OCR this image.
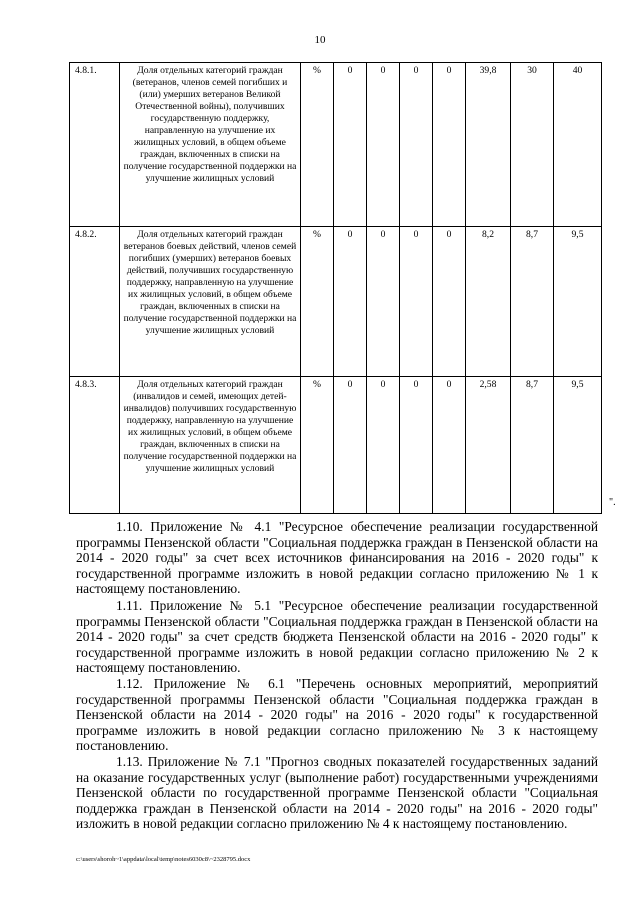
10
4.8.1.	Доля отдельных категорий граждан (ветеранов, членов семей погибших и (или) умерших ветеранов Великой Отечественной войны), получивших государственную поддержку, направленную на улучшение их жилищных условий, в общем объеме граждан, включенных в списки на получение государственной поддержки на улучшение жилищных условий	%	0	0	0	0	39,8	30	40
4.8.2.	Доля отдельных категорий граждан ветеранов боевых действий, членов семей погибших (умерших) ветеранов боевых действий, получивших государственную поддержку, направленную на улучшение их жилищных условий, в общем объеме граждан, включенных в списки на получение государственной поддержки на улучшение жилищных условий	%	0	0	0	0	8,2	8,7	9,5
4.8.3.	Доля отдельных категорий граждан (инвалидов и семей, имеющих детей-инвалидов) получивших государственную поддержку, направленную на улучшение их жилищных условий, в общем объеме граждан, включенных в списки на получение государственной поддержки на улучшение жилищных условий	%	0	0	0	0	2,58	8,7	9,5
".
1.10. Приложение № 4.1 "Ресурсное обеспечение реализации государственной программы Пензенской области "Социальная поддержка граждан в Пензенской области на 2014 - 2020 годы" за счет всех источников финансирования на 2016 - 2020 годы" к государственной программе изложить в новой редакции согласно приложению № 1 к настоящему постановлению.
1.11. Приложение № 5.1 "Ресурсное обеспечение реализации государственной программы Пензенской области "Социальная поддержка граждан в Пензенской области на 2014 - 2020 годы" за счет средств бюджета Пензенской области на 2016 - 2020 годы" к государственной программе изложить в новой редакции согласно приложению № 2 к настоящему постановлению.
1.12. Приложение № 6.1 "Перечень основных мероприятий, мероприятий государственной программы Пензенской области "Социальная поддержка граждан в Пензенской области на 2014 - 2020 годы" на 2016 - 2020 годы" к государственной программе изложить в новой редакции согласно приложению № 3 к настоящему постановлению.
1.13. Приложение № 7.1 "Прогноз сводных показателей государственных заданий на оказание государственных услуг (выполнение работ) государственными учреждениями Пензенской области по государственной программе Пензенской области "Социальная поддержка граждан в Пензенской области на 2014 - 2020 годы" на 2016 - 2020 годы" изложить в новой редакции согласно приложению № 4 к настоящему постановлению.
c:\users\shoroh~1\appdata\local\temp\notes6030c8\~2328795.docx
